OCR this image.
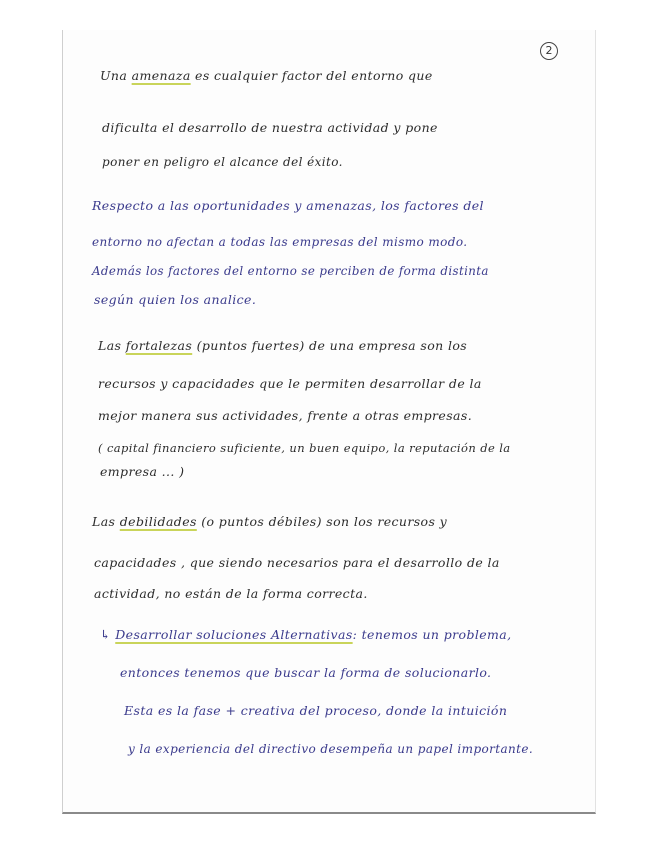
2
Una amenaza es cualquier factor del entorno que
dificulta el desarrollo de nuestra actividad y pone
poner en peligro el alcance del éxito.
Respecto a las oportunidades y amenazas, los factores del
entorno no afectan a todas las empresas del mismo modo.
Además los factores del entorno se perciben de forma distinta
según quien los analice.
Las fortalezas (puntos fuertes) de una empresa son los
recursos y capacidades que le permiten desarrollar de la
mejor manera sus actividades, frente a otras empresas.
( capital financiero suficiente, un buen equipo, la reputación de la
empresa ... )
Las debilidades (o puntos débiles) son los recursos y
capacidades , que siendo necesarios para el desarrollo de la
actividad, no están de la forma correcta.
↳ Desarrollar soluciones Alternativas: tenemos un problema,
entonces tenemos que buscar la forma de solucionarlo.
Esta es la fase + creativa del proceso, donde la intuición
y la experiencia del directivo desempeña un papel importante.
